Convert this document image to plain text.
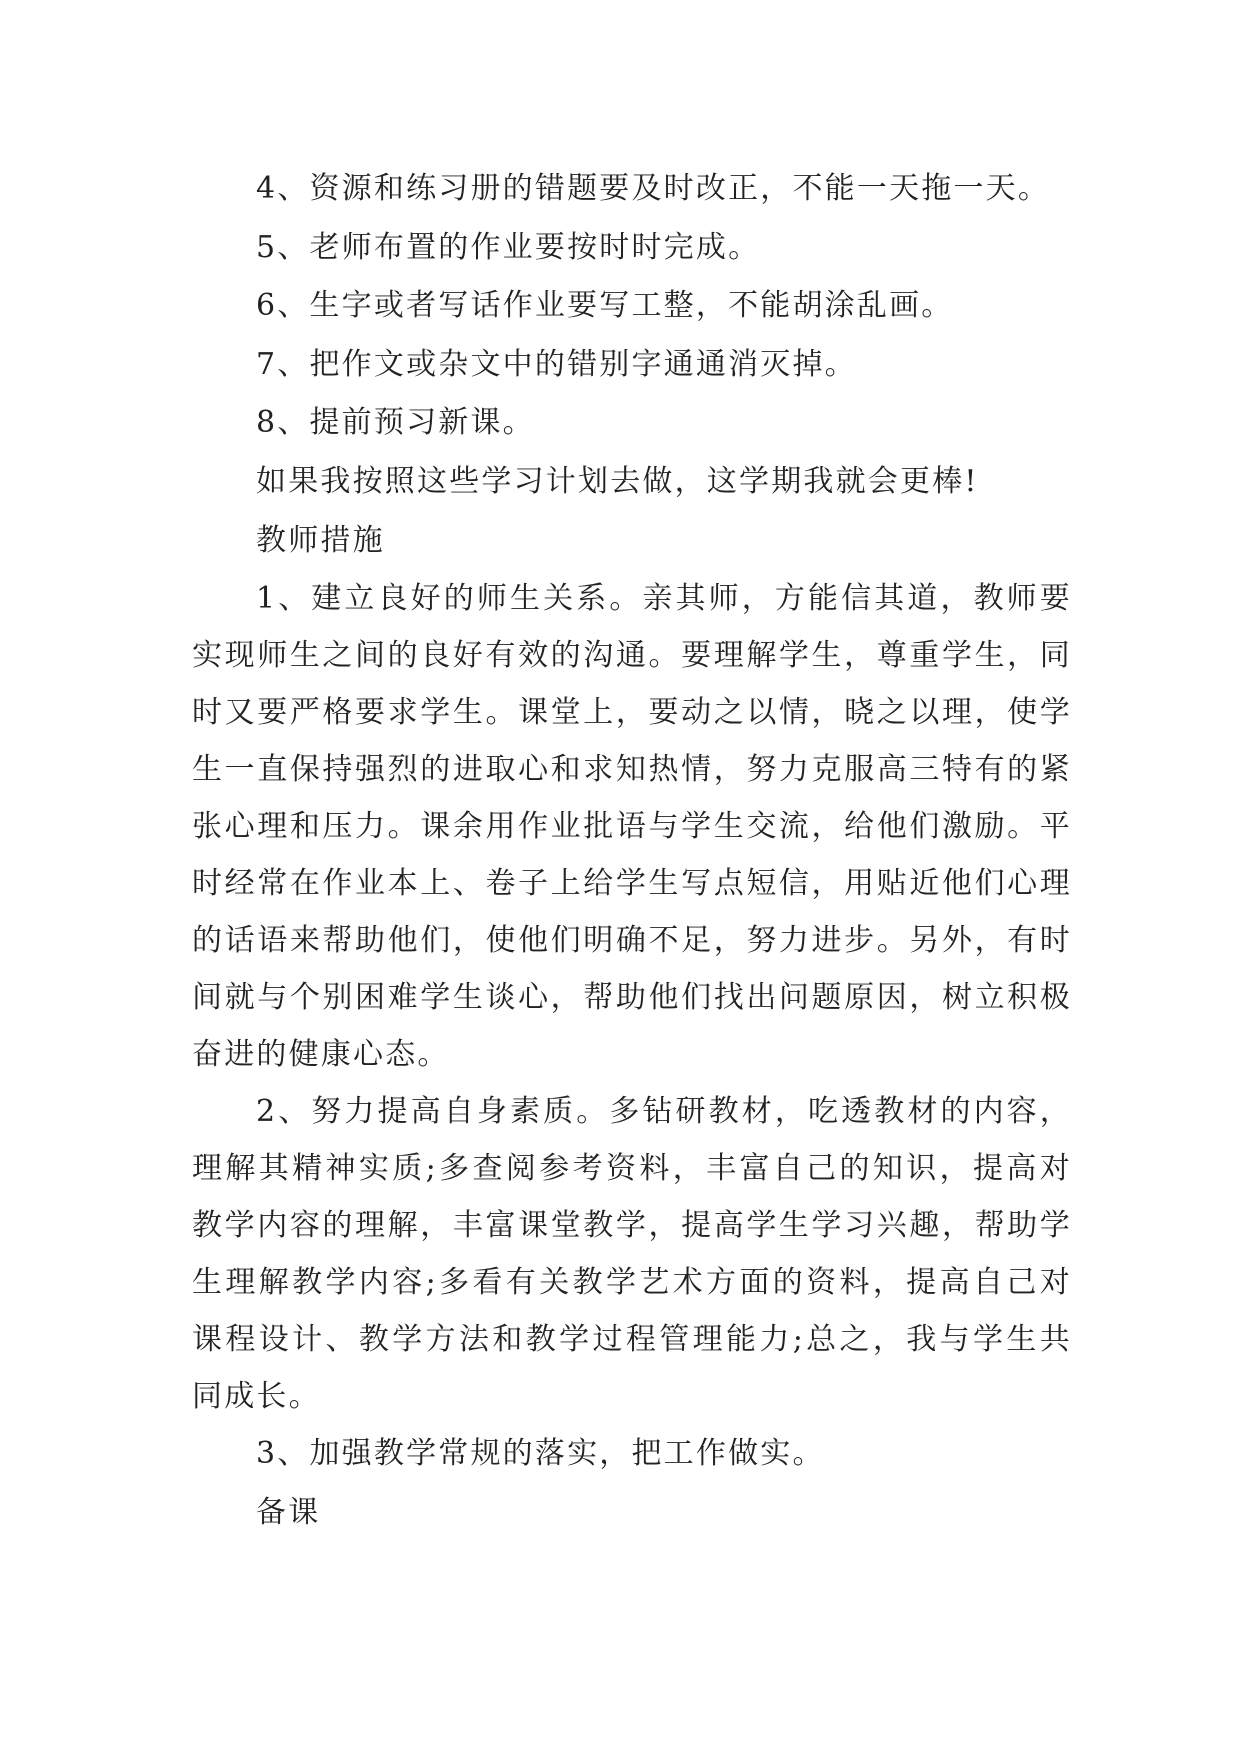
4、资源和练习册的错题要及时改正，不能一天拖一天。
5、老师布置的作业要按时时完成。
6、生字或者写话作业要写工整，不能胡涂乱画。
7、把作文或杂文中的错别字通通消灭掉。
8、提前预习新课。
如果我按照这些学习计划去做，这学期我就会更棒!
教师措施

1、建立良好的师生关系。亲其师，方能信其道，教师要实现师生之间的良好有效的沟通。要理解学生，尊重学生，同时又要严格要求学生。课堂上，要动之以情，晓之以理，使学生一直保持强烈的进取心和求知热情，努力克服高三特有的紧张心理和压力。课余用作业批语与学生交流，给他们激励。平时经常在作业本上、卷子上给学生写点短信，用贴近他们心理的话语来帮助他们，使他们明确不足，努力进步。另外，有时间就与个别困难学生谈心，帮助他们找出问题原因，树立积极奋进的健康心态。

2、努力提高自身素质。多钻研教材，吃透教材的内容，理解其精神实质;多查阅参考资料，丰富自己的知识，提高对教学内容的理解，丰富课堂教学，提高学生学习兴趣，帮助学生理解教学内容;多看有关教学艺术方面的资料，提高自己对课程设计、教学方法和教学过程管理能力;总之，我与学生共同成长。

3、加强教学常规的落实，把工作做实。
备课
